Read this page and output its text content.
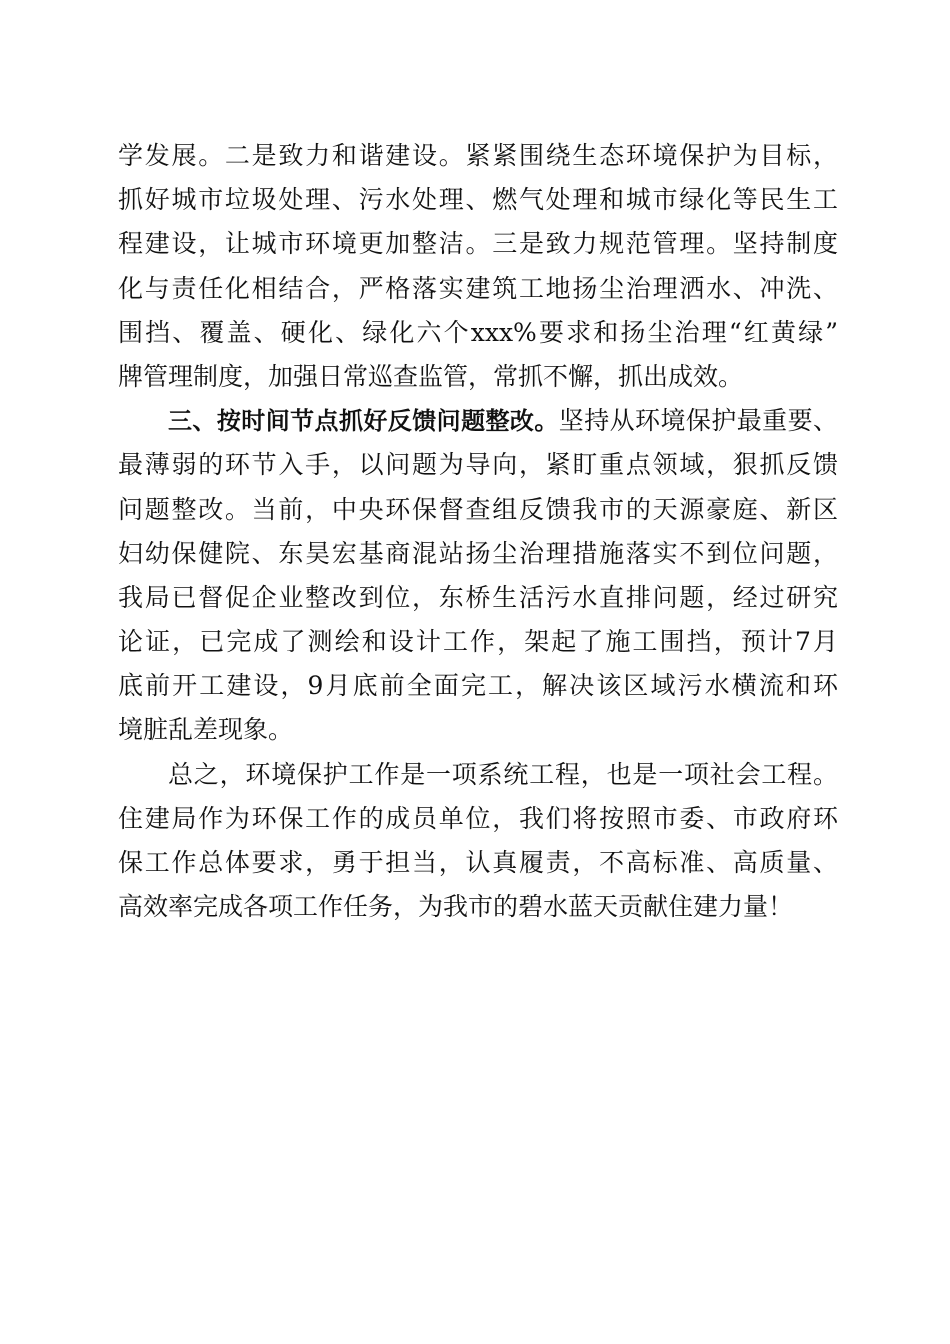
学发展。二是致力和谐建设。紧紧围绕生态环境保护为目标，
抓好城市垃圾处理、污水处理、燃气处理和城市绿化等民生工
程建设，让城市环境更加整洁。三是致力规范管理。坚持制度
化与责任化相结合，严格落实建筑工地扬尘治理洒水、冲洗、
围挡、覆盖、硬化、绿化六个xxx%要求和扬尘治理“红黄绿”
牌管理制度，加强日常巡查监管，常抓不懈，抓出成效。
三、按时间节点抓好反馈问题整改。坚持从环境保护最重要、
最薄弱的环节入手，以问题为导向，紧盯重点领域，狠抓反馈
问题整改。当前，中央环保督查组反馈我市的天源豪庭、新区
妇幼保健院、东昊宏基商混站扬尘治理措施落实不到位问题，
我局已督促企业整改到位，东桥生活污水直排问题，经过研究
论证，已完成了测绘和设计工作，架起了施工围挡，预计7月
底前开工建设，9月底前全面完工，解决该区域污水横流和环
境脏乱差现象。
总之，环境保护工作是一项系统工程，也是一项社会工程。
住建局作为环保工作的成员单位，我们将按照市委、市政府环
保工作总体要求，勇于担当，认真履责，不高标准、高质量、
高效率完成各项工作任务，为我市的碧水蓝天贡献住建力量！
